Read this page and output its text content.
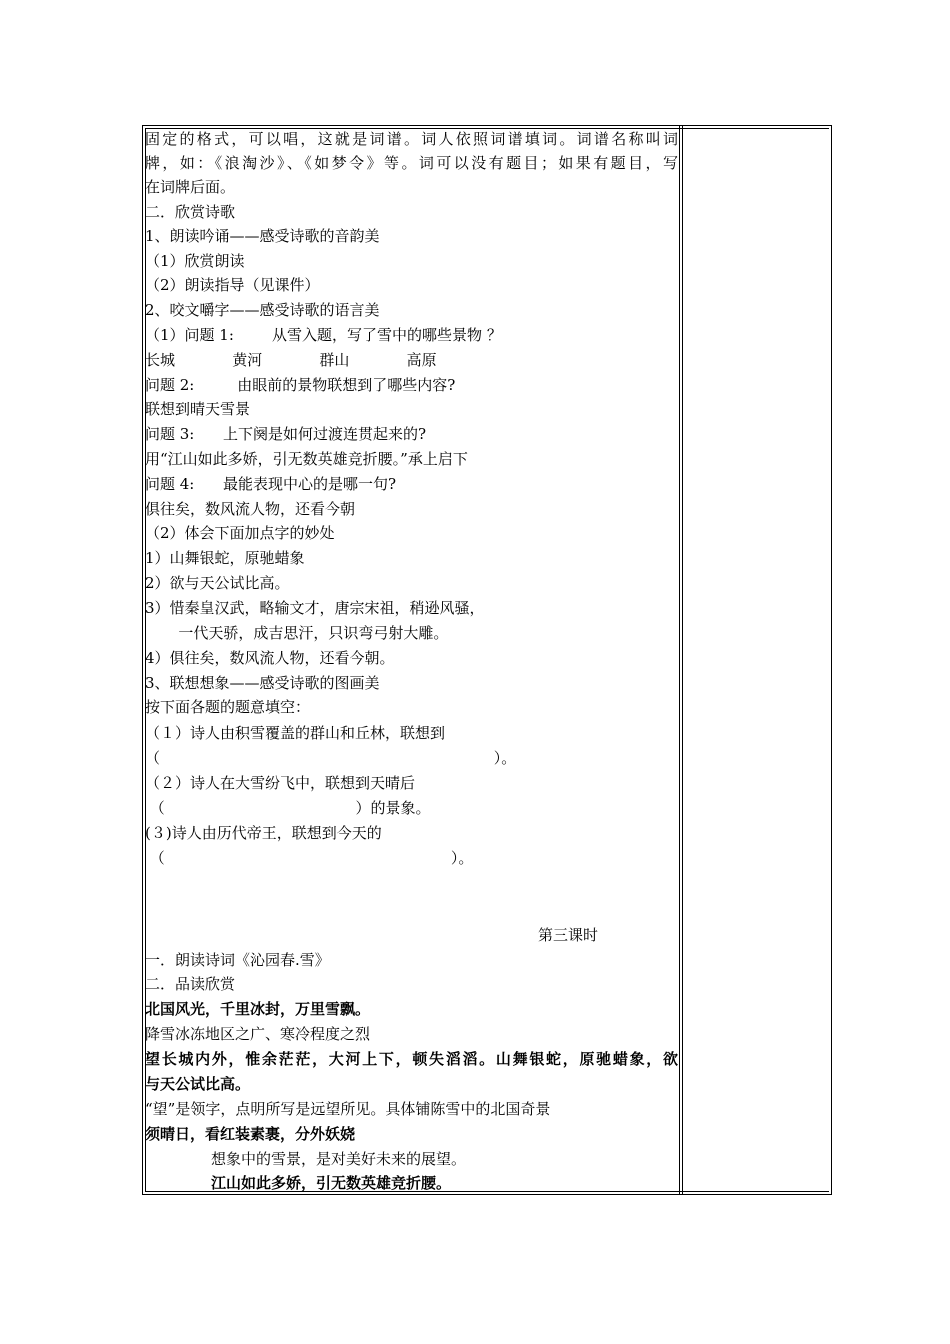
固定的格式，可以唱，这就是词谱。词人依照词谱填词。词谱名称叫词
牌，如：《浪淘沙》、《如梦令》等。词可以没有题目；如果有题目，写
在词牌后面。
二．欣赏诗歌
1、朗读吟诵——感受诗歌的音韵美
（1）欣赏朗读
（2）朗读指导（见课件）
2、咬文嚼字——感受诗歌的语言美
（1）问题 1:        从雪入题，写了雪中的哪些景物 ？
长城            黄河            群山            高原
问题 2:         由眼前的景物联想到了哪些内容?
联想到晴天雪景
问题 3:      上下阕是如何过渡连贯起来的?
用“江山如此多娇，引无数英雄竞折腰。”承上启下
问题 4:      最能表现中心的是哪一句?
俱往矣，数风流人物，还看今朝
（2）体会下面加点字的妙处
1）山舞银蛇，原驰蜡象
2）欲与天公试比高。
3）惜秦皇汉武，略输文才，唐宗宋祖，稍逊风骚，
一代天骄，成吉思汗，只识弯弓射大雕。
4）俱往矣，数风流人物，还看今朝。
3、联想想象——感受诗歌的图画美
按下面各题的题意填空：
（１）诗人由积雪覆盖的群山和丘林，联想到
（                                                                      ）。
（２）诗人在大雪纷飞中，联想到天晴后
（                                        ）的景象。
(３)诗人由历代帝王，联想到今天的
（                                                            ）。
第三课时
一．朗读诗词《沁园春.雪》
二．品读欣赏
北国风光，千里冰封，万里雪飘。
降雪冰冻地区之广、寒冷程度之烈
望长城内外，惟余茫茫，大河上下，顿失滔滔。山舞银蛇，原驰蜡象，欲
与天公试比高。
“望”是领字，点明所写是远望所见。具体铺陈雪中的北国奇景
须晴日，看红装素裹，分外妖娆
想象中的雪景，是对美好未来的展望。
江山如此多娇，引无数英雄竞折腰。
